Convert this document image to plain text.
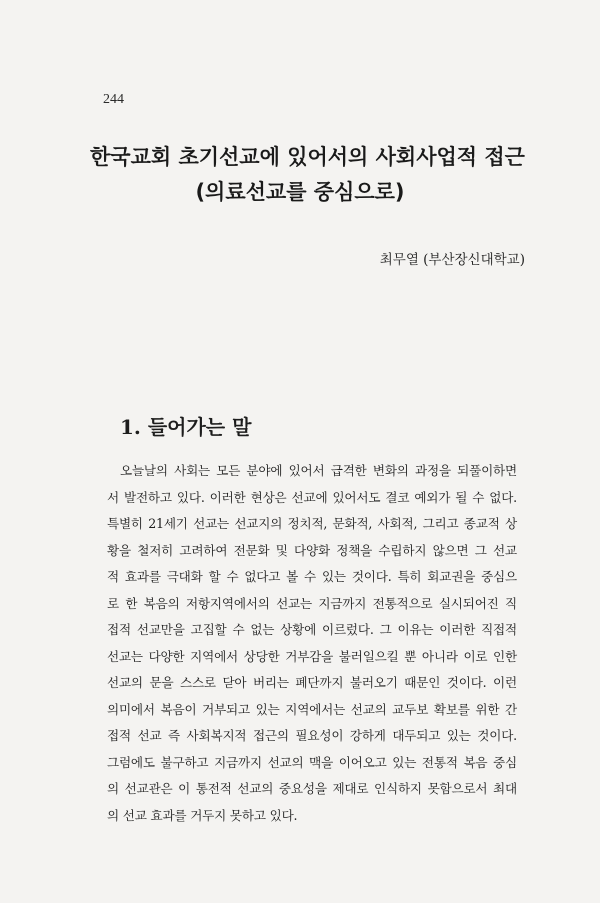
244
한국교회 초기선교에 있어서의 사회사업적 접근
(의료선교를 중심으로)
최무열 (부산장신대학교)
1. 들어가는 말
오늘날의 사회는 모든 분야에 있어서 급격한 변화의 과정을 되풀이하면
서 발전하고 있다. 이러한 현상은 선교에 있어서도 결코 예외가 될 수 없다.
특별히 21세기 선교는 선교지의 정치적, 문화적, 사회적, 그리고 종교적 상
황을 철저히 고려하여 전문화 및 다양화 정책을 수립하지 않으면 그 선교
적 효과를 극대화 할 수 없다고 볼 수 있는 것이다. 특히 회교권을 중심으
로 한 복음의 저항지역에서의 선교는 지금까지 전통적으로 실시되어진 직
접적 선교만을 고집할 수 없는 상황에 이르렀다. 그 이유는 이러한 직접적
선교는 다양한 지역에서 상당한 거부감을 불러일으킬 뿐 아니라 이로 인한
선교의 문을 스스로 닫아 버리는 폐단까지 불러오기 때문인 것이다. 이런
의미에서 복음이 거부되고 있는 지역에서는 선교의 교두보 확보를 위한 간
접적 선교 즉 사회복지적 접근의 필요성이 강하게 대두되고 있는 것이다.
그럼에도 불구하고 지금까지 선교의 맥을 이어오고 있는 전통적 복음 중심
의 선교관은 이 통전적 선교의 중요성을 제대로 인식하지 못함으로서 최대
의 선교 효과를 거두지 못하고 있다.
